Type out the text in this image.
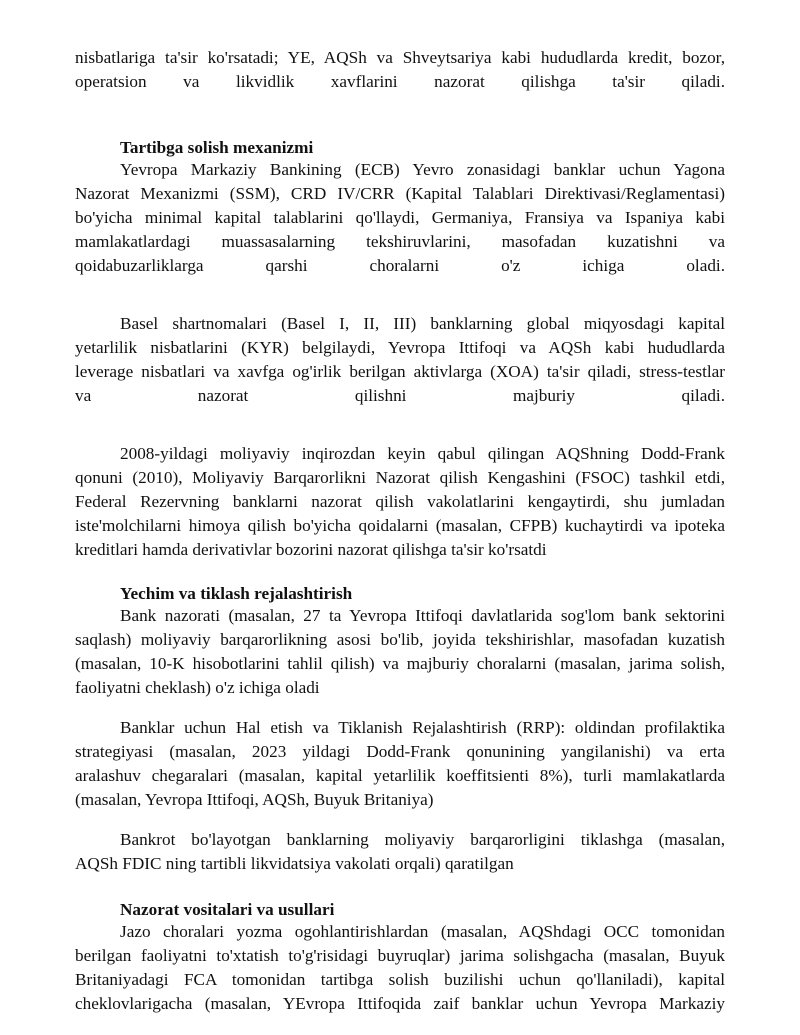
nisbatlariga ta'sir ko'rsatadi; YE, AQSh va Shveytsariya kabi hududlarda kredit, bozor,
operatsion va likvidlik xavflarini nazorat qilishga ta'sir qiladi.
Tartibga solish mexanizmi
Yevropa Markaziy Bankining (ECB) Yevro zonasidagi banklar uchun Yagona
Nazorat Mexanizmi (SSM), CRD IV/CRR (Kapital Talablari Direktivasi/Reglamentasi)
bo'yicha minimal kapital talablarini qo'llaydi, Germaniya, Fransiya va Ispaniya kabi
mamlakatlardagi muassasalarning tekshiruvlarini, masofadan kuzatishni va
qoidabuzarliklarga qarshi choralarni o'z ichiga oladi.
Basel shartnomalari (Basel I, II, III) banklarning global miqyosdagi kapital
yetarlilik nisbatlarini (KYR) belgilaydi, Yevropa Ittifoqi va AQSh kabi hududlarda
leverage nisbatlari va xavfga og'irlik berilgan aktivlarga (XOA) ta'sir qiladi, stress-testlar
va nazorat qilishni majburiy qiladi.
2008-yildagi moliyaviy inqirozdan keyin qabul qilingan AQShning Dodd-Frank
qonuni (2010), Moliyaviy Barqarorlikni Nazorat qilish Kengashini (FSOC) tashkil etdi,
Federal Rezervning banklarni nazorat qilish vakolatlarini kengaytirdi, shu jumladan
iste'molchilarni himoya qilish bo'yicha qoidalarni (masalan, CFPB) kuchaytirdi va ipoteka
kreditlari hamda derivativlar bozorini nazorat qilishga ta'sir ko'rsatdi
Yechim va tiklash rejalashtirish
Bank nazorati (masalan, 27 ta Yevropa Ittifoqi davlatlarida sog'lom bank sektorini
saqlash) moliyaviy barqarorlikning asosi bo'lib, joyida tekshirishlar, masofadan kuzatish
(masalan, 10-K hisobotlarini tahlil qilish) va majburiy choralarni (masalan, jarima solish,
faoliyatni cheklash) o'z ichiga oladi
Banklar uchun Hal etish va Tiklanish Rejalashtirish (RRP): oldindan profilaktika
strategiyasi (masalan, 2023 yildagi Dodd-Frank qonunining yangilanishi) va erta
aralashuv chegaralari (masalan, kapital yetarlilik koeffitsienti 8%), turli mamlakatlarda
(masalan, Yevropa Ittifoqi, AQSh, Buyuk Britaniya)
Bankrot bo'layotgan banklarning moliyaviy barqarorligini tiklashga (masalan,
AQSh FDIC ning tartibli likvidatsiya vakolati orqali) qaratilgan
Nazorat vositalari va usullari
Jazo choralari yozma ogohlantirishlardan (masalan, AQShdagi OCC tomonidan
berilgan faoliyatni to'xtatish to'g'risidagi buyruqlar) jarima solishgacha (masalan, Buyuk
Britaniyadagi FCA tomonidan tartibga solish buzilishi uchun qo'llaniladi), kapital
cheklovlarigacha (masalan, YEvropa Ittifoqida zaif banklar uchun Yevropa Markaziy
